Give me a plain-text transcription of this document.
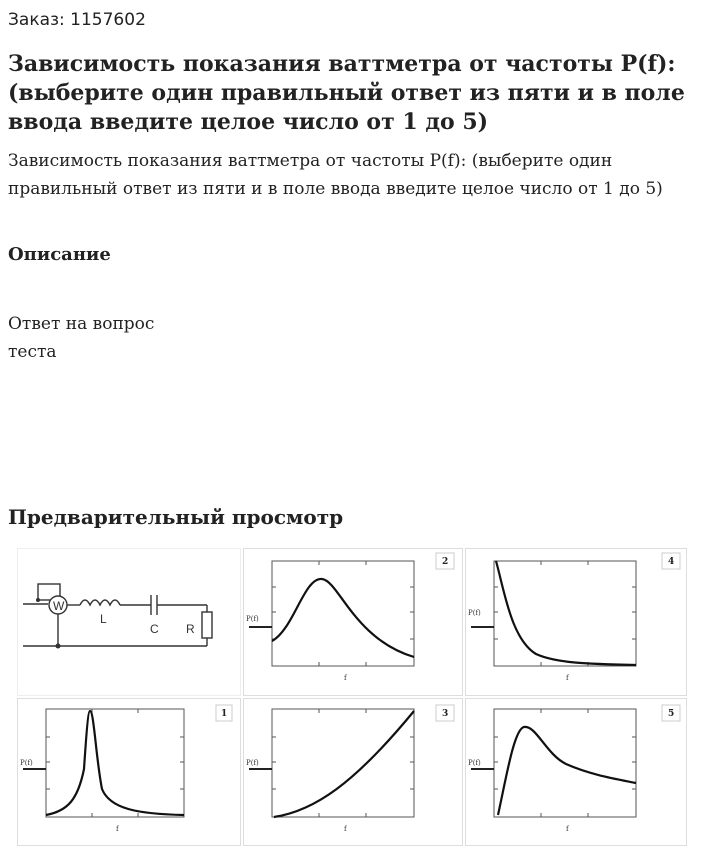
Заказ: 1157602
Зависимость показания ваттметра от частоты P(f): (выберите один правильный ответ из пяти и в поле ввода введите целое число от 1 до 5)
Зависимость показания ваттметра от частоты P(f): (выберите один правильный ответ из пяти и в поле ввода введите целое число от 1 до 5)
Описание
Ответ на вопрос теста
Предварительный просмотр
W
L
C R
P(f)
f
2
P(f)
f
4
P(f)
f
1
P(f)
f
3
P(f)
f
5
